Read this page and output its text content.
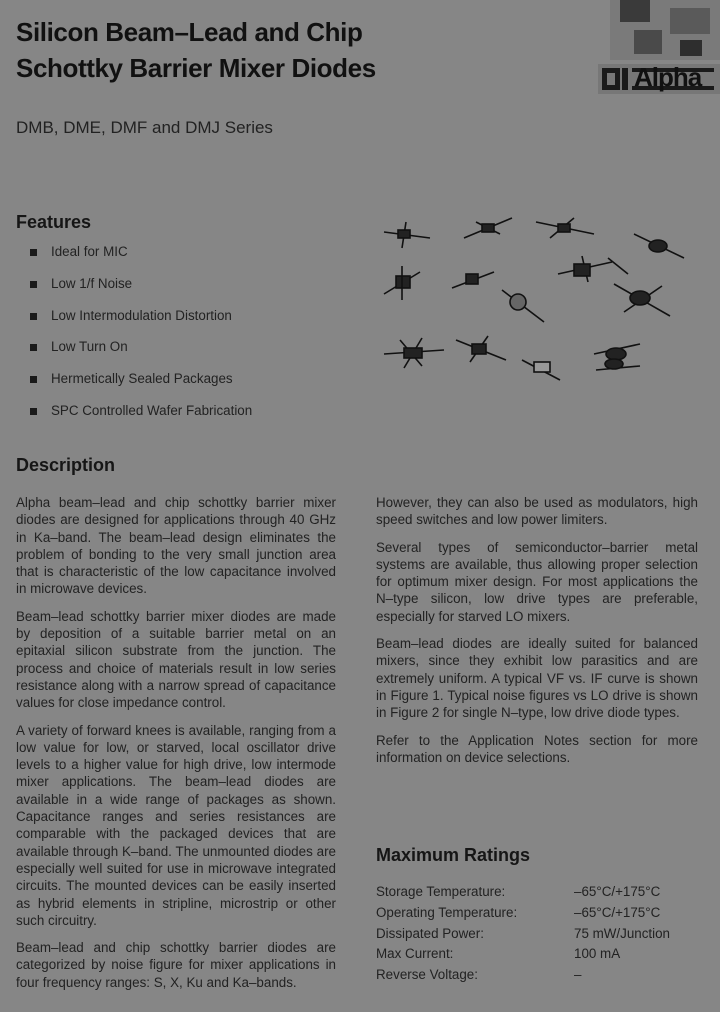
Silicon Beam–Lead and Chip
Schottky Barrier Mixer Diodes	Alpha
DMB, DME, DMF and DMJ Series
Features
Ideal for MIC
Low 1/f Noise
Low Intermodulation Distortion
Low Turn On
Hermetically Sealed Packages
SPC Controlled Wafer Fabrication
Description

Alpha beam–lead and chip schottky barrier mixer diodes are designed for applications through 40 GHz in Ka–band. The beam–lead design eliminates the problem of bonding to the very small junction area that is characteristic of the low capacitance involved in microwave devices.

Beam–lead schottky barrier mixer diodes are made by deposition of a suitable barrier metal on an epitaxial silicon substrate from the junction. The process and choice of materials result in low series resistance along with a narrow spread of capacitance values for close impedance control.

A variety of forward knees is available, ranging from a low value for low, or starved, local oscillator drive levels to a higher value for high drive, low intermode mixer applications. The beam–lead diodes are available in a wide range of packages as shown. Capacitance ranges and series resistances are comparable with the packaged devices that are available through K–band. The unmounted diodes are especially well suited for use in microwave integrated circuits. The mounted devices can be easily inserted as hybrid elements in stripline, microstrip or other such circuitry.

Beam–lead and chip schottky barrier diodes are categorized by noise figure for mixer applications in four frequency ranges: S, X, Ku and Ka–bands.

However, they can also be used as modulators, high speed switches and low power limiters.

Several types of semiconductor–barrier metal systems are available, thus allowing proper selection for optimum mixer design. For most applications the N–type silicon, low drive types are preferable, especially for starved LO mixers.

Beam–lead diodes are ideally suited for balanced mixers, since they exhibit low parasitics and are extremely uniform. A typical VF vs. IF curve is shown in Figure 1. Typical noise figures vs LO drive is shown in Figure 2 for single N–type, low drive diode types.

Refer to the Application Notes section for more information on device selections.

Maximum Ratings
Storage Temperature:	–65°C/+175°C
Operating Temperature:	–65°C/+175°C
Dissipated Power:	75 mW/Junction
Max Current:	100 mA
Reverse Voltage:	–
